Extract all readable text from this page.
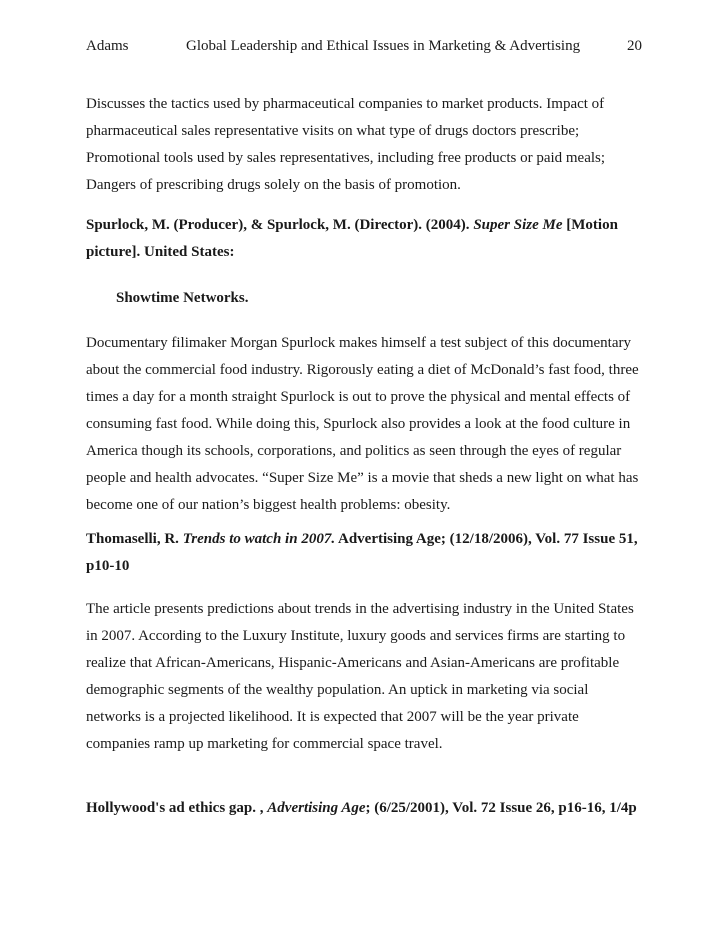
Adams	Global Leadership and Ethical Issues in Marketing & Advertising	20

Discusses the tactics used by pharmaceutical companies to market products. Impact of pharmaceutical sales representative visits on what type of drugs doctors prescribe; Promotional tools used by sales representatives, including free products or paid meals; Dangers of prescribing drugs solely on the basis of promotion.

Spurlock, M. (Producer), & Spurlock, M. (Director). (2004). Super Size Me [Motion picture]. United States:

Showtime Networks.

Documentary filimaker Morgan Spurlock makes himself a test subject of this documentary about the commercial food industry. Rigorously eating a diet of McDonald’s fast food, three times a day for a month straight Spurlock is out to prove the physical and mental effects of consuming fast food. While doing this, Spurlock also provides a look at the food culture in America though its schools, corporations, and politics as seen through the eyes of regular people and health advocates. “Super Size Me” is a movie that sheds a new light on what has become one of our nation’s biggest health problems: obesity.

Thomaselli, R. Trends to watch in 2007. Advertising Age; (12/18/2006), Vol. 77 Issue 51, p10-10

The article presents predictions about trends in the advertising industry in the United States in 2007. According to the Luxury Institute, luxury goods and services firms are starting to realize that African-Americans, Hispanic-Americans and Asian-Americans are profitable demographic segments of the wealthy population. An uptick in marketing via social networks is a projected likelihood. It is expected that 2007 will be the year private companies ramp up marketing for commercial space travel.

Hollywood's ad ethics gap. , Advertising Age; (6/25/2001), Vol. 72 Issue 26, p16-16, 1/4p
